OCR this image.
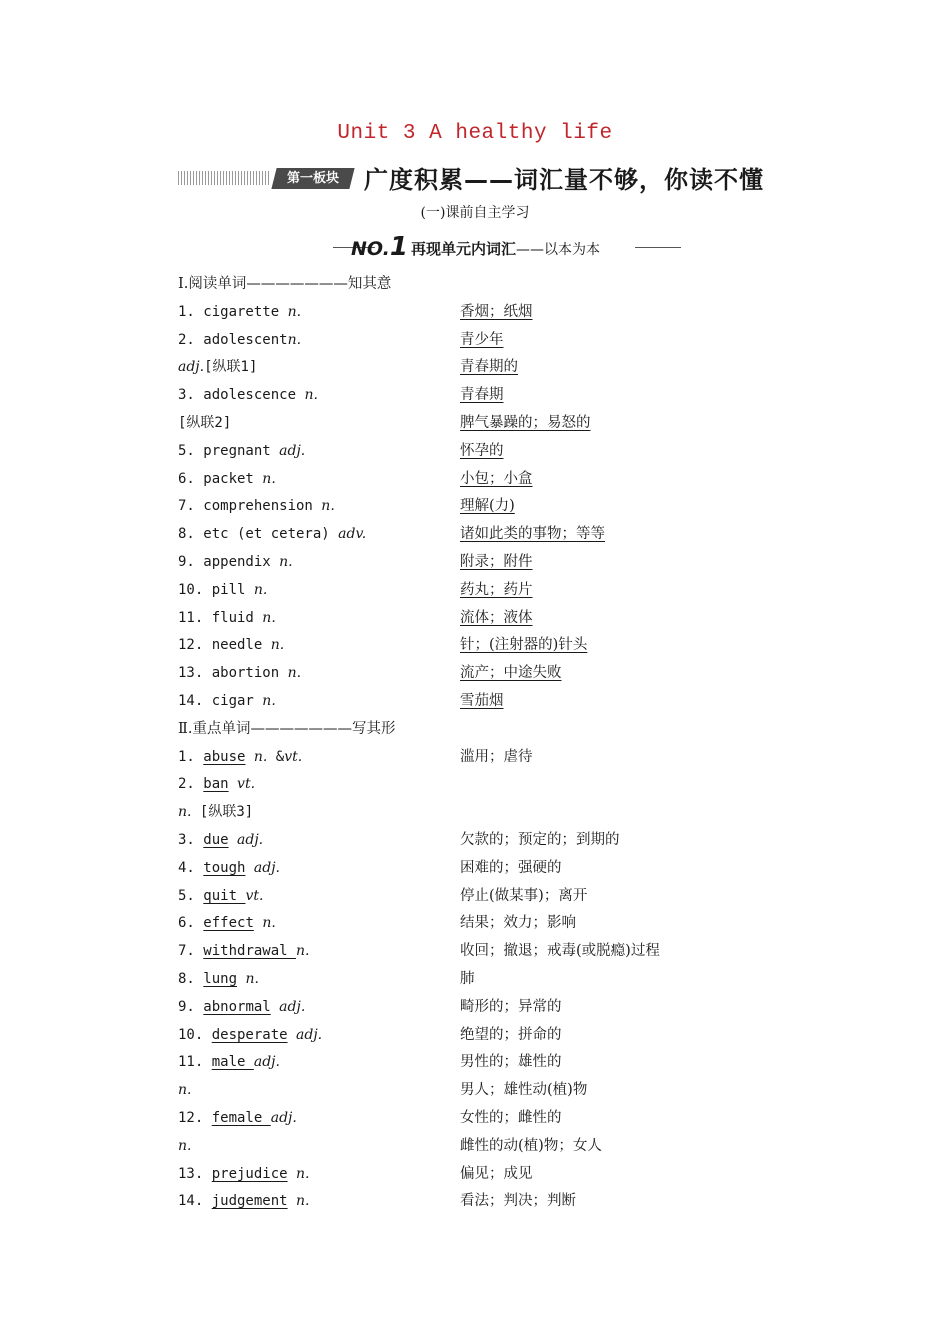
Unit 3 A healthy life
第一板块	广度积累——词汇量不够，你读不懂
(一)课前自主学习
NO.1 再现单元内词汇——以本为本
Ⅰ.阅读单词———————知其意
1. cigarette n.	香烟；纸烟
2. adolescentn.	青少年
adj.[纵联1]	青春期的
3. adolescence n.	青春期
[纵联2]	脾气暴躁的；易怒的
5. pregnant adj.	怀孕的
6. packet n.	小包；小盒
7. comprehension n.	理解(力)
8. etc (et cetera) adv.	诸如此类的事物；等等
9. appendix n.	附录；附件
10. pill n.	药丸；药片
11. fluid n.	流体；液体
12. needle n.	针；(注射器的)针头
13. abortion n.	流产；中途失败
14. cigar n.	雪茄烟
Ⅱ.重点单词———————写其形
1. abuse n. &vt.	滥用；虐待
2. ban vt.
n. [纵联3]
3. due adj.	欠款的；预定的；到期的
4. tough adj.	困难的；强硬的
5. quit vt.	停止(做某事)；离开
6. effect n.	结果；效力；影响
7. withdrawal n.	收回；撤退；戒毒(或脱瘾)过程
8. lung n.	肺
9. abnormal adj.	畸形的；异常的
10. desperate adj.	绝望的；拼命的
11. male adj.	男性的；雄性的
n.	男人；雄性动(植)物
12. female adj.	女性的；雌性的
n.	雌性的动(植)物；女人
13. prejudice n.	偏见；成见
14. judgement n.	看法；判决；判断
